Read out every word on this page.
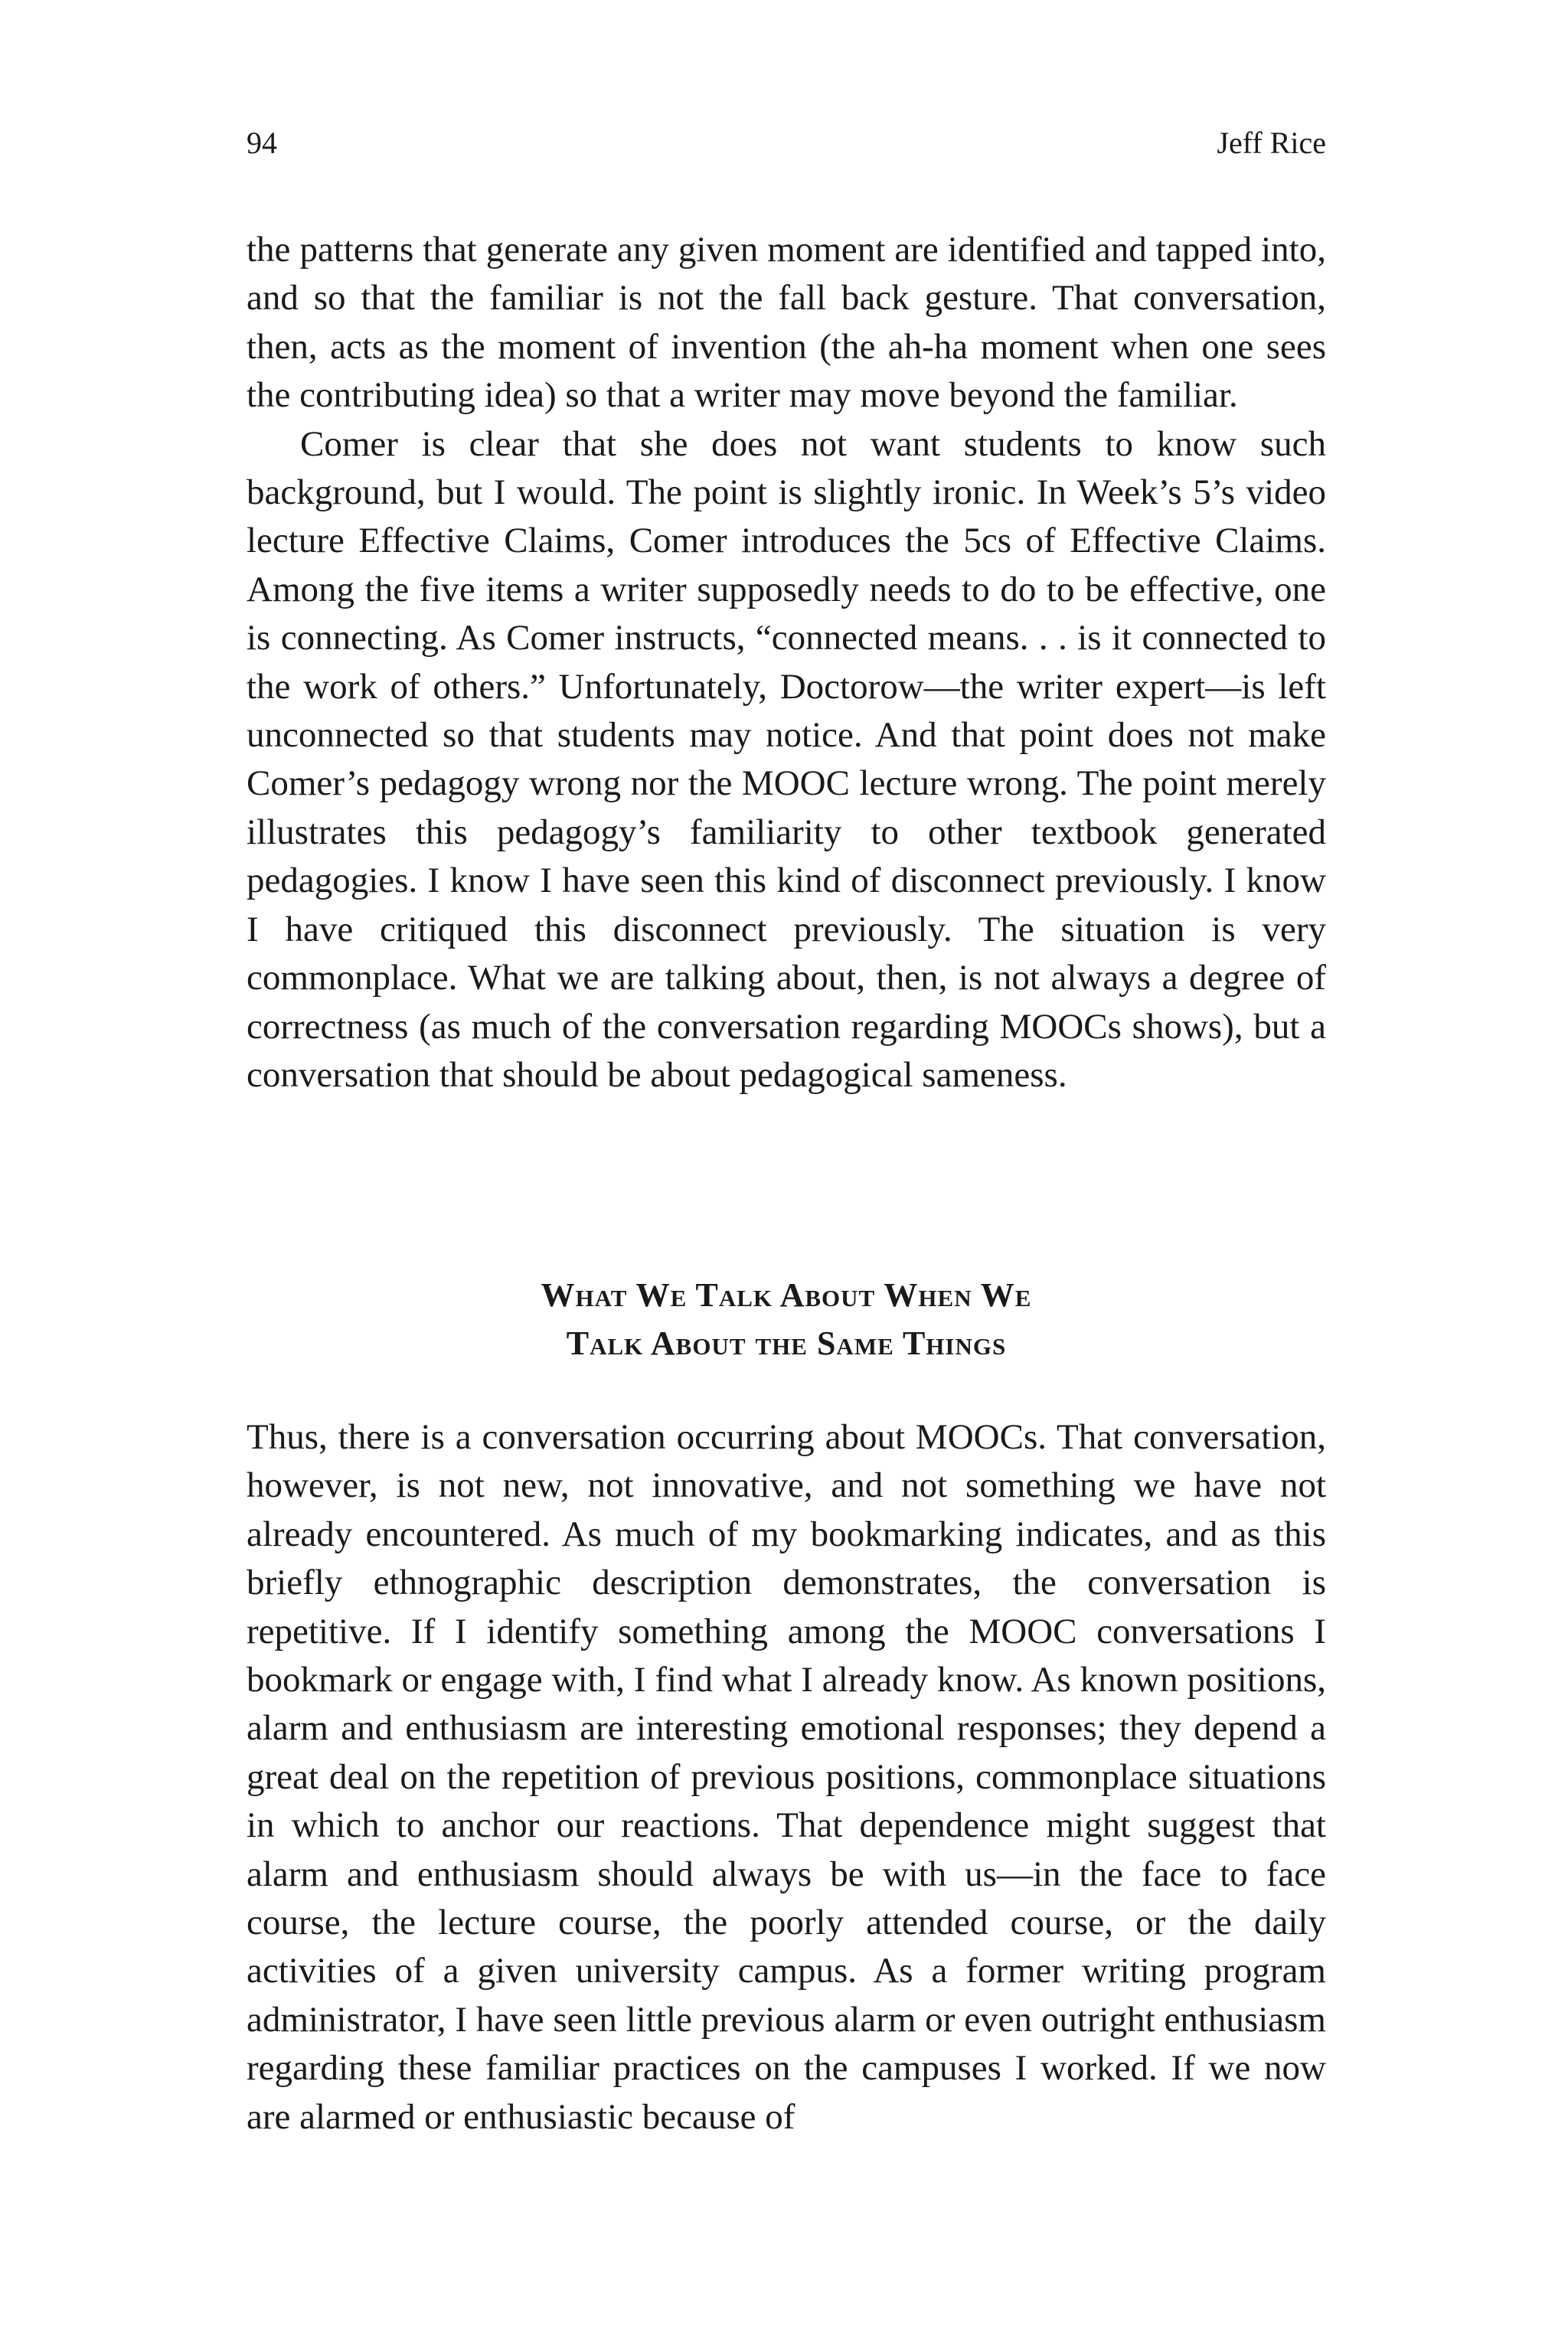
94	Jeff Rice

the patterns that generate any given moment are identified and tapped into, and so that the familiar is not the fall back gesture. That conversation, then, acts as the moment of invention (the ah-ha moment when one sees the contributing idea) so that a writer may move beyond the familiar.

Comer is clear that she does not want students to know such background, but I would. The point is slightly ironic. In Week’s 5’s video lecture Effective Claims, Comer introduces the 5cs of Effective Claims. Among the five items a writer supposedly needs to do to be effective, one is connecting. As Comer instructs, “connected means. . . is it connected to the work of others.” Unfortunately, Doctorow—the writer expert—is left unconnected so that students may notice. And that point does not make Comer’s pedagogy wrong nor the MOOC lecture wrong. The point merely illustrates this pedagogy’s familiarity to other textbook generated pedagogies. I know I have seen this kind of disconnect previously. I know I have critiqued this disconnect previously. The situation is very commonplace. What we are talking about, then, is not always a degree of correctness (as much of the conversation regarding MOOCs shows), but a conversation that should be about pedagogical sameness.

What We Talk About When We
Talk About the Same Things

Thus, there is a conversation occurring about MOOCs. That conversation, however, is not new, not innovative, and not something we have not already encountered. As much of my bookmarking indicates, and as this briefly ethnographic description demonstrates, the conversation is repetitive. If I identify something among the MOOC conversations I bookmark or engage with, I find what I already know. As known positions, alarm and enthusiasm are interesting emotional responses; they depend a great deal on the repetition of previous positions, commonplace situations in which to anchor our reactions. That dependence might suggest that alarm and enthusiasm should always be with us—in the face to face course, the lecture course, the poorly attended course, or the daily activities of a given university campus. As a former writing program administrator, I have seen little previous alarm or even outright enthusiasm regarding these familiar practices on the campuses I worked. If we now are alarmed or enthusiastic because of
